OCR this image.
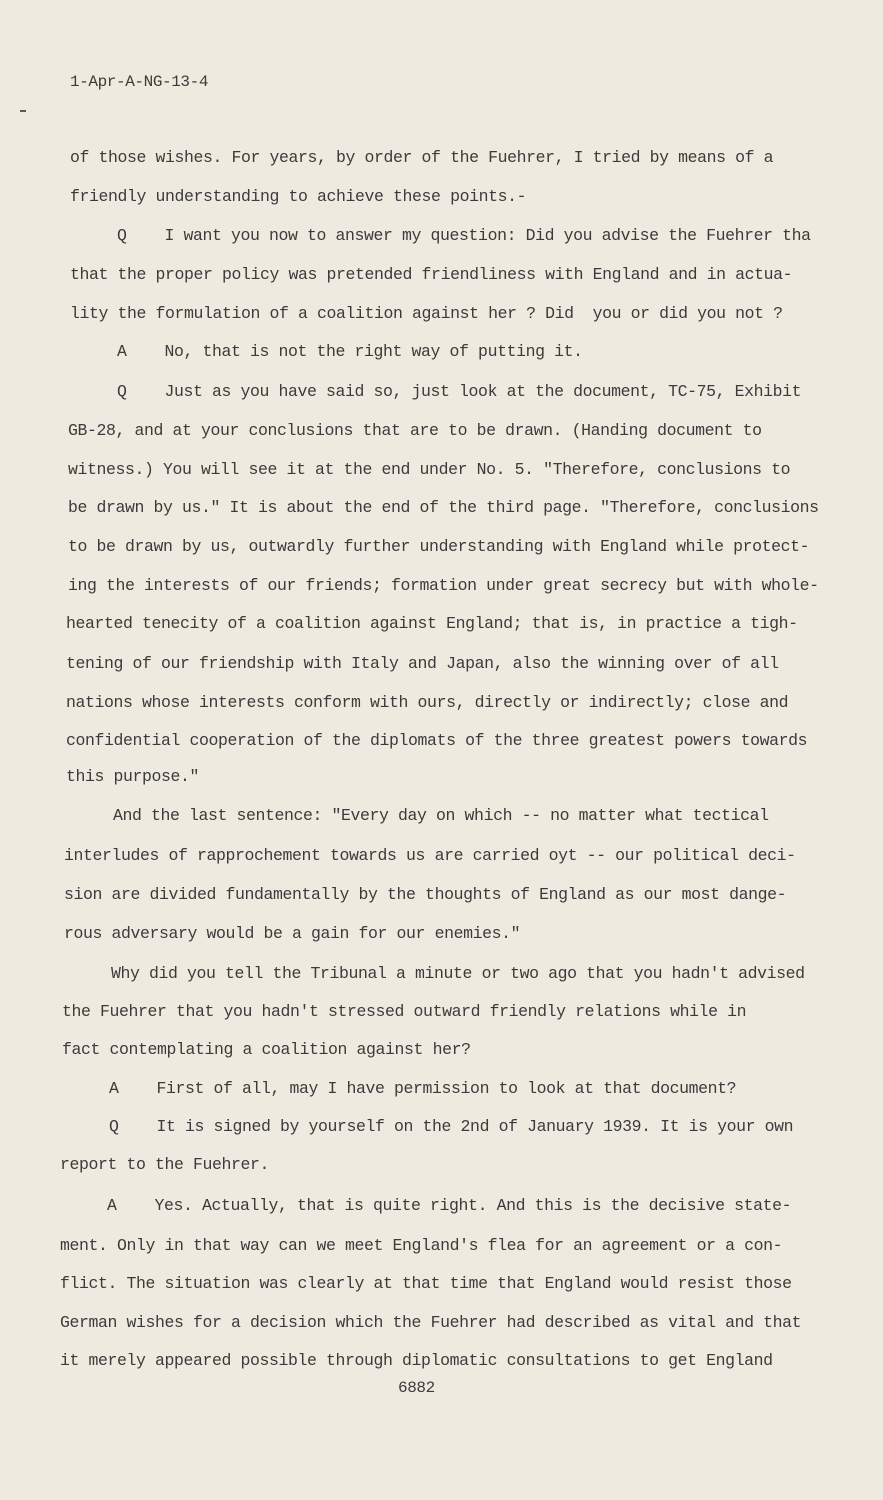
1-Apr-A-NG-13-4
of those wishes. For years, by order of the Fuehrer, I tried by means of a
friendly understanding to achieve these points.-
Q    I want you now to answer my question: Did you advise the Fuehrer tha
that the proper policy was pretended friendliness with England and in actua-
lity the formulation of a coalition against her ? Did  you or did you not ?
A    No, that is not the right way of putting it.
Q    Just as you have said so, just look at the document, TC-75, Exhibit
GB-28, and at your conclusions that are to be drawn. (Handing document to
witness.) You will see it at the end under No. 5. "Therefore, conclusions to
be drawn by us." It is about the end of the third page. "Therefore, conclusions
to be drawn by us, outwardly further understanding with England while protect-
ing the interests of our friends; formation under great secrecy but with whole-
hearted tenecity of a coalition against England; that is, in practice a tigh-
tening of our friendship with Italy and Japan, also the winning over of all
nations whose interests conform with ours, directly or indirectly; close and
confidential cooperation of the diplomats of the three greatest powers towards
this purpose."
And the last sentence: "Every day on which -- no matter what tectical
interludes of rapprochement towards us are carried oyt -- our political deci-
sion are divided fundamentally by the thoughts of England as our most dange-
rous adversary would be a gain for our enemies."
Why did you tell the Tribunal a minute or two ago that you hadn't advised
the Fuehrer that you hadn't stressed outward friendly relations while in
fact contemplating a coalition against her?
A    First of all, may I have permission to look at that document?
Q    It is signed by yourself on the 2nd of January 1939. It is your own
report to the Fuehrer.
A    Yes. Actually, that is quite right. And this is the decisive state-
ment. Only in that way can we meet England's flea for an agreement or a con-
flict. The situation was clearly at that time that England would resist those
German wishes for a decision which the Fuehrer had described as vital and that
it merely appeared possible through diplomatic consultations to get England
6882
